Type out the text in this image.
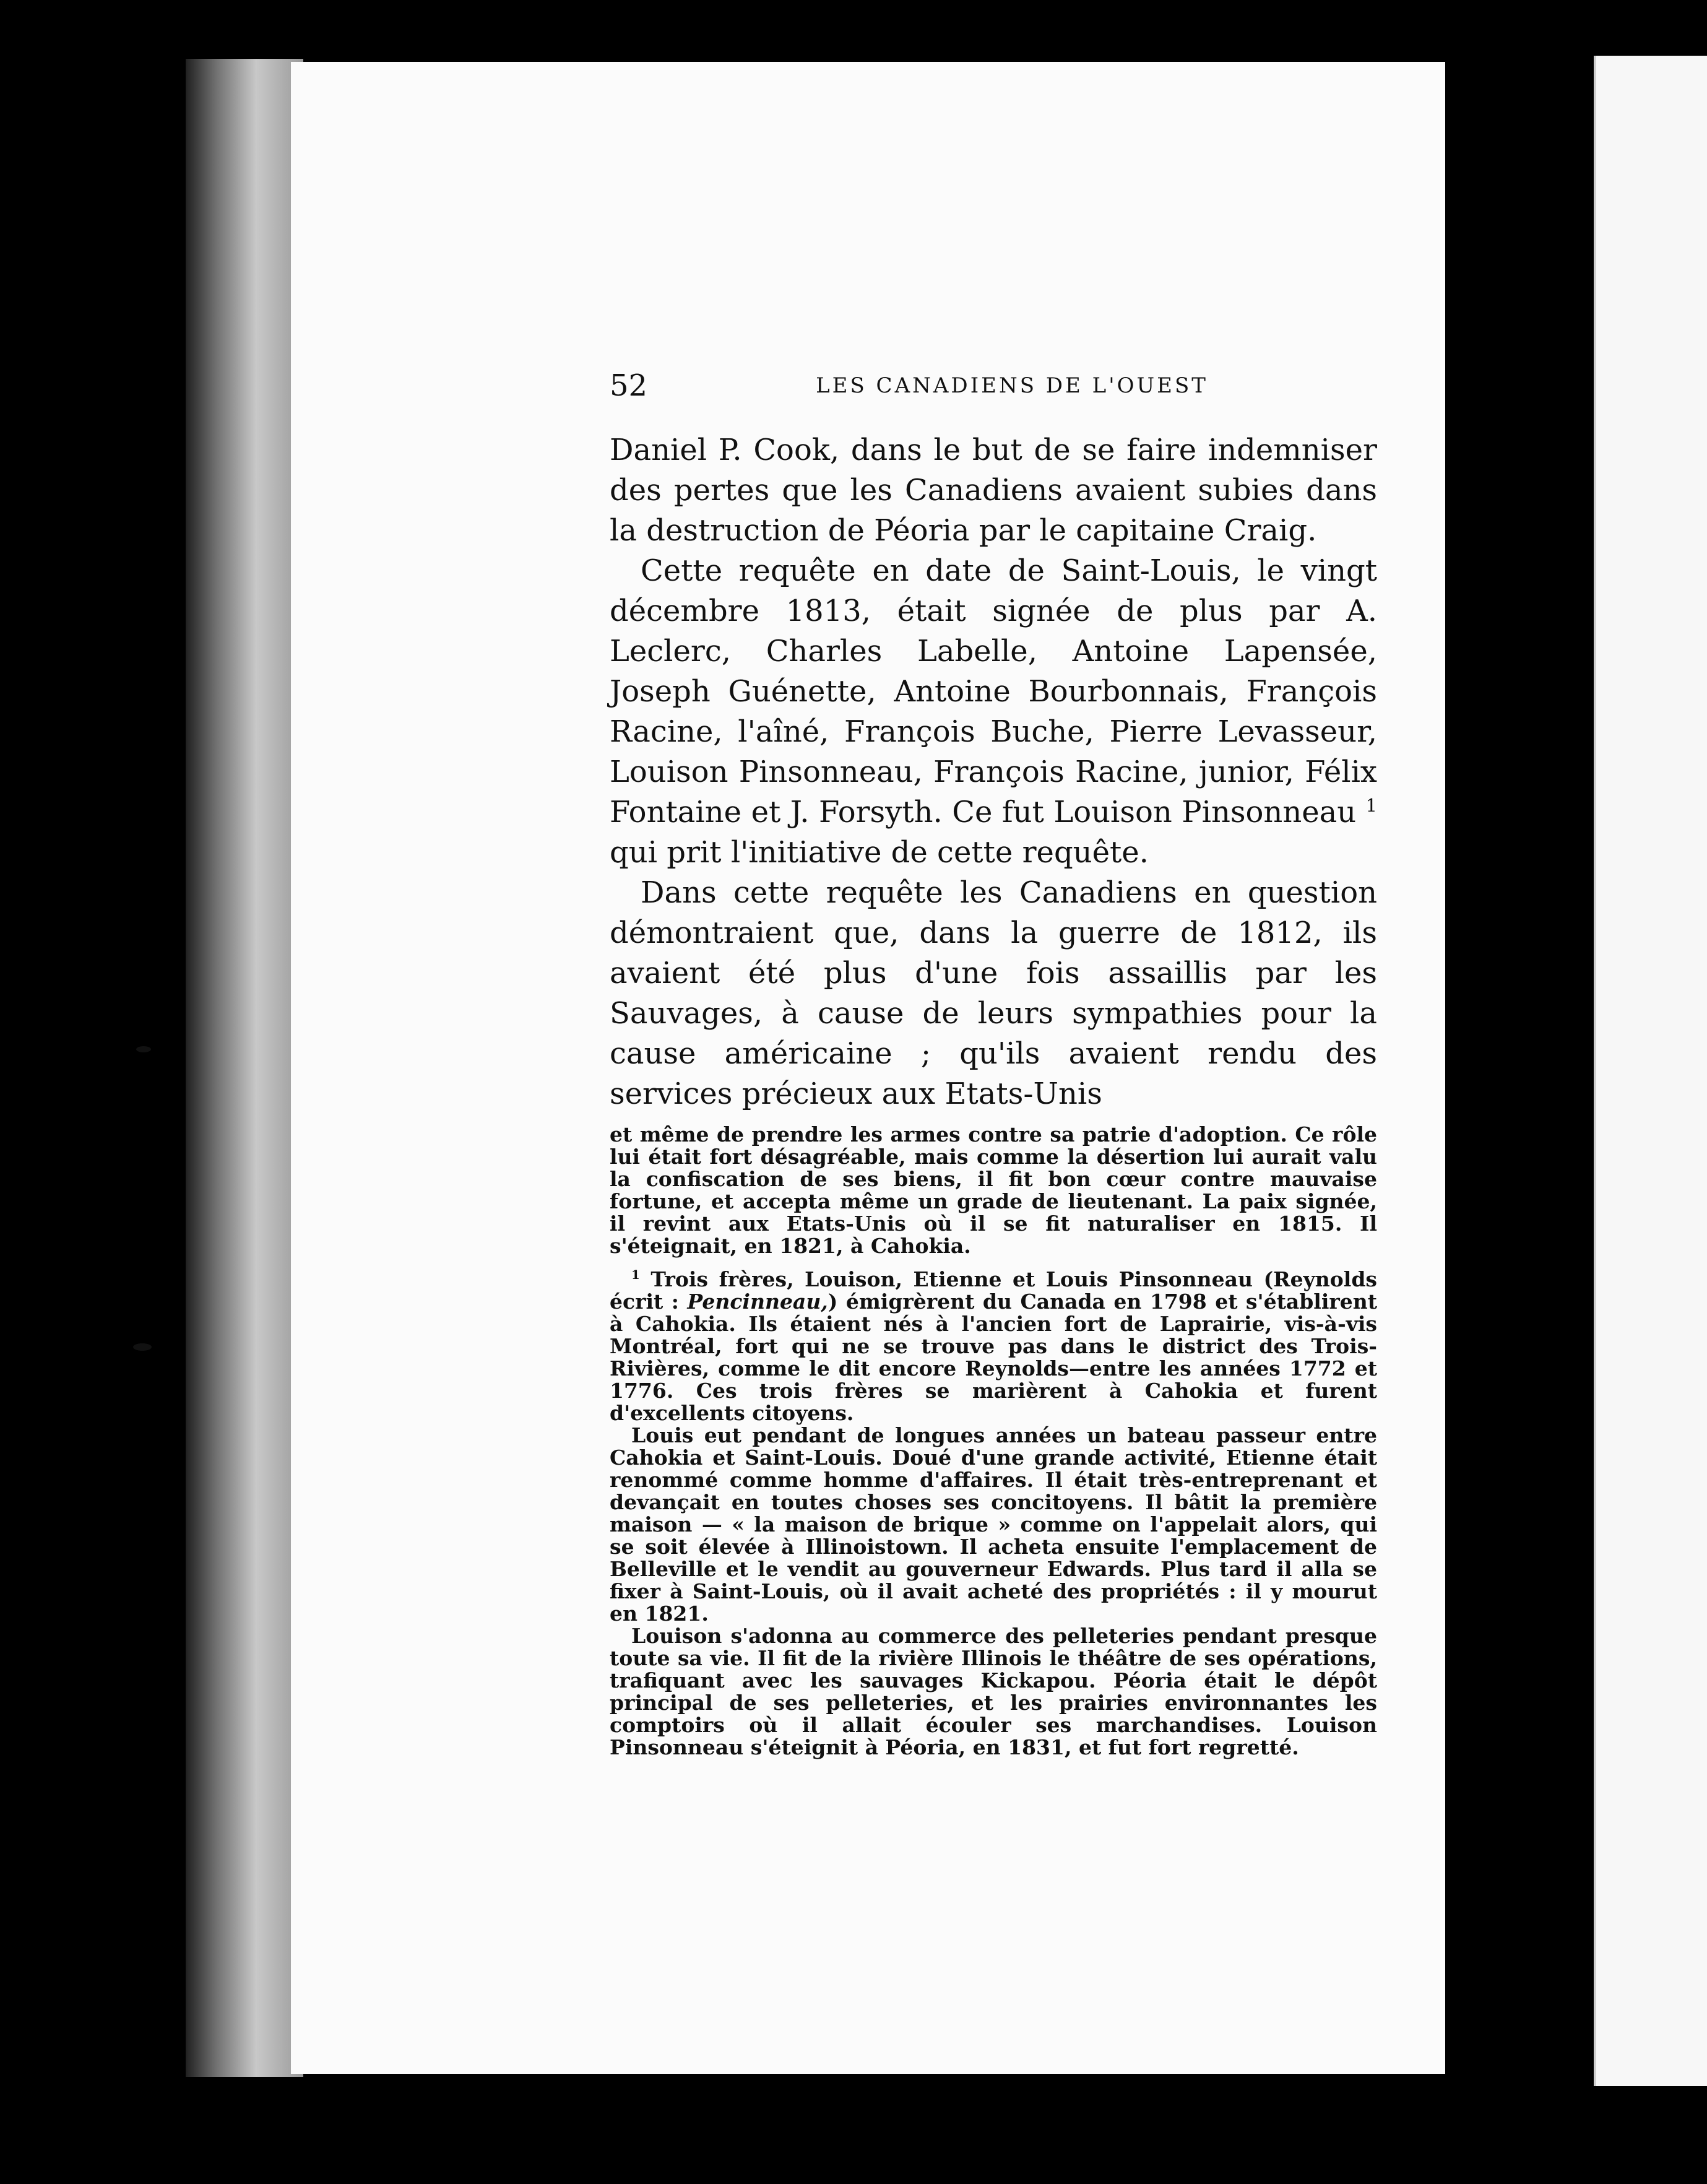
52	LES CANADIENS DE L'OUEST

Daniel P. Cook, dans le but de se faire indemniser des pertes que les Canadiens avaient subies dans la destruction de Péoria par le capitaine Craig.

Cette requête en date de Saint-Louis, le vingt décembre 1813, était signée de plus par A. Leclerc, Charles Labelle, Antoine Lapensée, Joseph Guénette, Antoine Bourbonnais, François Racine, l'aîné, François Buche, Pierre Levasseur, Louison Pinsonneau, François Racine, junior, Félix Fontaine et J. Forsyth. Ce fut Louison Pinsonneau $^1$ qui prit l'initiative de cette requête.

Dans cette requête les Canadiens en question démontraient que, dans la guerre de 1812, ils avaient été plus d'une fois assaillis par les Sauvages, à cause de leurs sympathies pour la cause américaine ; qu'ils avaient rendu des services précieux aux Etats-Unis

et même de prendre les armes contre sa patrie d'adoption. Ce rôle lui était fort désagréable, mais comme la désertion lui aurait valu la confiscation de ses biens, il fit bon cœur contre mauvaise fortune, et accepta même un grade de lieutenant. La paix signée, il revint aux Etats-Unis où il se fit naturaliser en 1815. Il s'éteignait, en 1821, à Cahokia.

$^1$ Trois frères, Louison, Etienne et Louis Pinsonneau (Reynolds écrit : Pencinneau,) émigrèrent du Canada en 1798 et s'établirent à Cahokia. Ils étaient nés à l'ancien fort de Laprairie, vis-à-vis Montréal, fort qui ne se trouve pas dans le district des Trois-Rivières, comme le dit encore Reynolds—entre les années 1772 et 1776. Ces trois frères se marièrent à Cahokia et furent d'excellents citoyens.

Louis eut pendant de longues années un bateau passeur entre Cahokia et Saint-Louis. Doué d'une grande activité, Etienne était renommé comme homme d'affaires. Il était très-entreprenant et devançait en toutes choses ses concitoyens. Il bâtit la première maison — « la maison de brique » comme on l'appelait alors, qui se soit élevée à Illinoistown. Il acheta ensuite l'emplacement de Belleville et le vendit au gouverneur Edwards. Plus tard il alla se fixer à Saint-Louis, où il avait acheté des propriétés : il y mourut en 1821.

Louison s'adonna au commerce des pelleteries pendant presque toute sa vie. Il fit de la rivière Illinois le théâtre de ses opérations, trafiquant avec les sauvages Kickapou. Péoria était le dépôt principal de ses pelleteries, et les prairies environnantes les comptoirs où il allait écouler ses marchandises. Louison Pinsonneau s'éteignit à Péoria, en 1831, et fut fort regretté.
